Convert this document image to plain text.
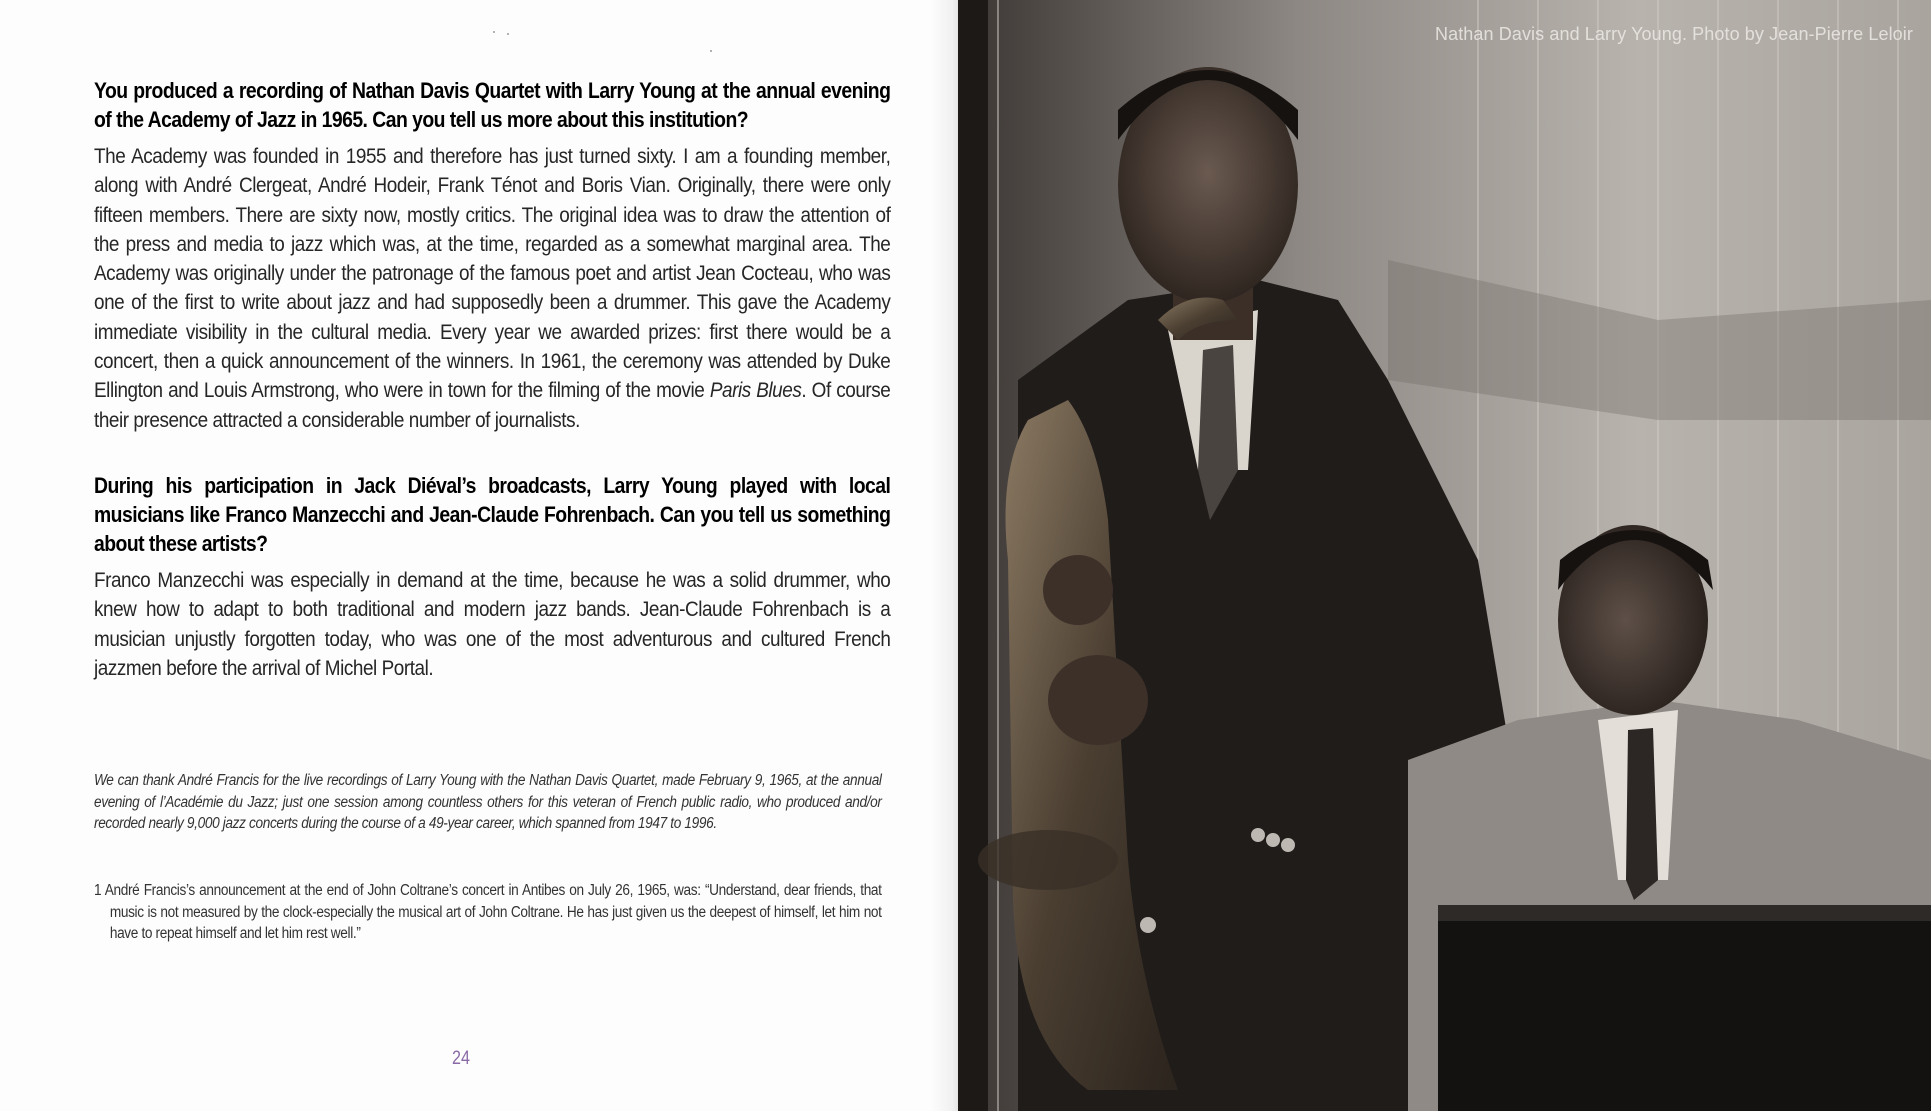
You produced a recording of Nathan Davis Quartet with Larry Young at the annual evening of the Academy of Jazz in 1965. Can you tell us more about this institution?

The Academy was founded in 1955 and therefore has just turned sixty. I am a founding member, along with André Clergeat, André Hodeir, Frank Ténot and Boris Vian. Originally, there were only fifteen members. There are sixty now, mostly critics. The original idea was to draw the attention of the press and media to jazz which was, at the time, regarded as a somewhat marginal area. The Academy was originally under the patronage of the famous poet and artist Jean Cocteau, who was one of the first to write about jazz and had supposedly been a drummer. This gave the Academy immediate visibility in the cultural media. Every year we awarded prizes: first there would be a concert, then a quick announcement of the winners. In 1961, the ceremony was attended by Duke Ellington and Louis Armstrong, who were in town for the filming of the movie Paris Blues. Of course their presence attracted a considerable number of journalists.

During his participation in Jack Diéval’s broadcasts, Larry Young played with local musicians like Franco Manzecchi and Jean-Claude Fohrenbach. Can you tell us something about these artists?

Franco Manzecchi was especially in demand at the time, because he was a solid drummer, who knew how to adapt to both traditional and modern jazz bands. Jean-Claude Fohrenbach is a musician unjustly forgotten today, who was one of the most adventurous and cultured French jazzmen before the arrival of Michel Portal.

We can thank André Francis for the live recordings of Larry Young with the Nathan Davis Quartet, made February 9, 1965, at the annual evening of l’Académie du Jazz; just one session among countless others for this veteran of French public radio, who produced and/or recorded nearly 9,000 jazz concerts during the course of a 49-year career, which spanned from 1947 to 1996.

1 André Francis’s announcement at the end of John Coltrane’s concert in Antibes on July 26, 1965, was: “Understand, dear friends, that music is not measured by the clock-especially the musical art of John Coltrane. He has just given us the deepest of himself, let him not have to repeat himself and let him rest well.”

24
Nathan Davis and Larry Young. Photo by Jean-Pierre Leloir
